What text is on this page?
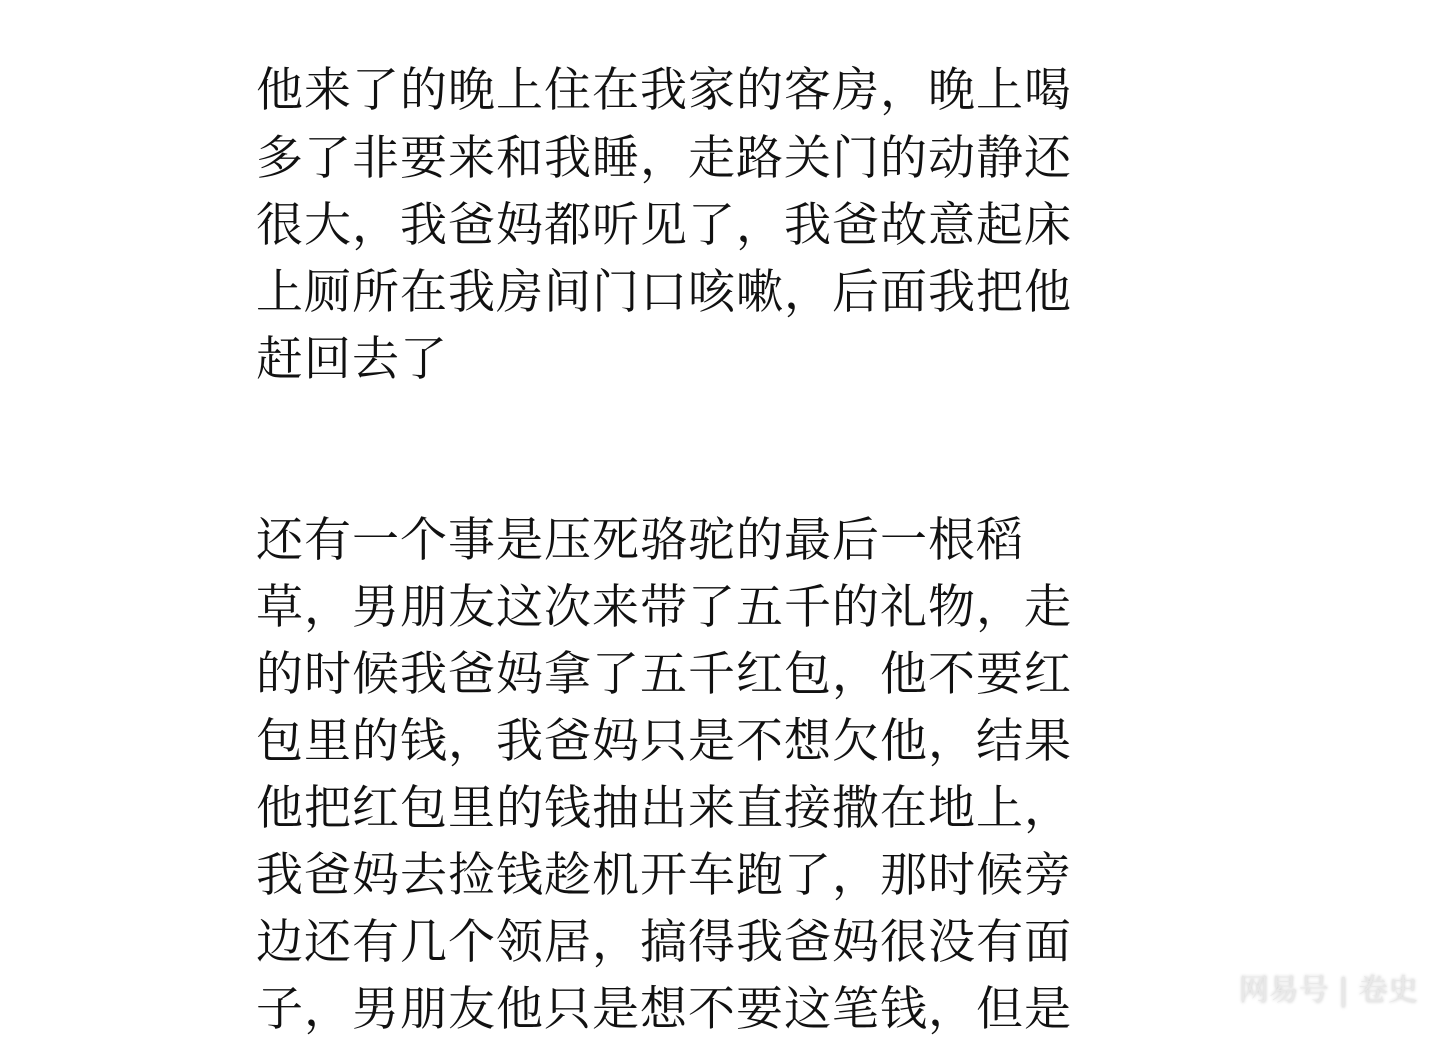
他来了的晚上住在我家的客房，晚上喝

多了非要来和我睡，走路关门的动静还

很大，我爸妈都听见了，我爸故意起床

上厕所在我房间门口咳嗽，后面我把他

赶回去了

还有一个事是压死骆驼的最后一根稻

草，男朋友这次来带了五千的礼物，走

的时候我爸妈拿了五千红包，他不要红

包里的钱，我爸妈只是不想欠他，结果

他把红包里的钱抽出来直接撒在地上，

我爸妈去捡钱趁机开车跑了，那时候旁

边还有几个领居，搞得我爸妈很没有面

子，男朋友他只是想不要这笔钱，但是	网易号 | 卷史
